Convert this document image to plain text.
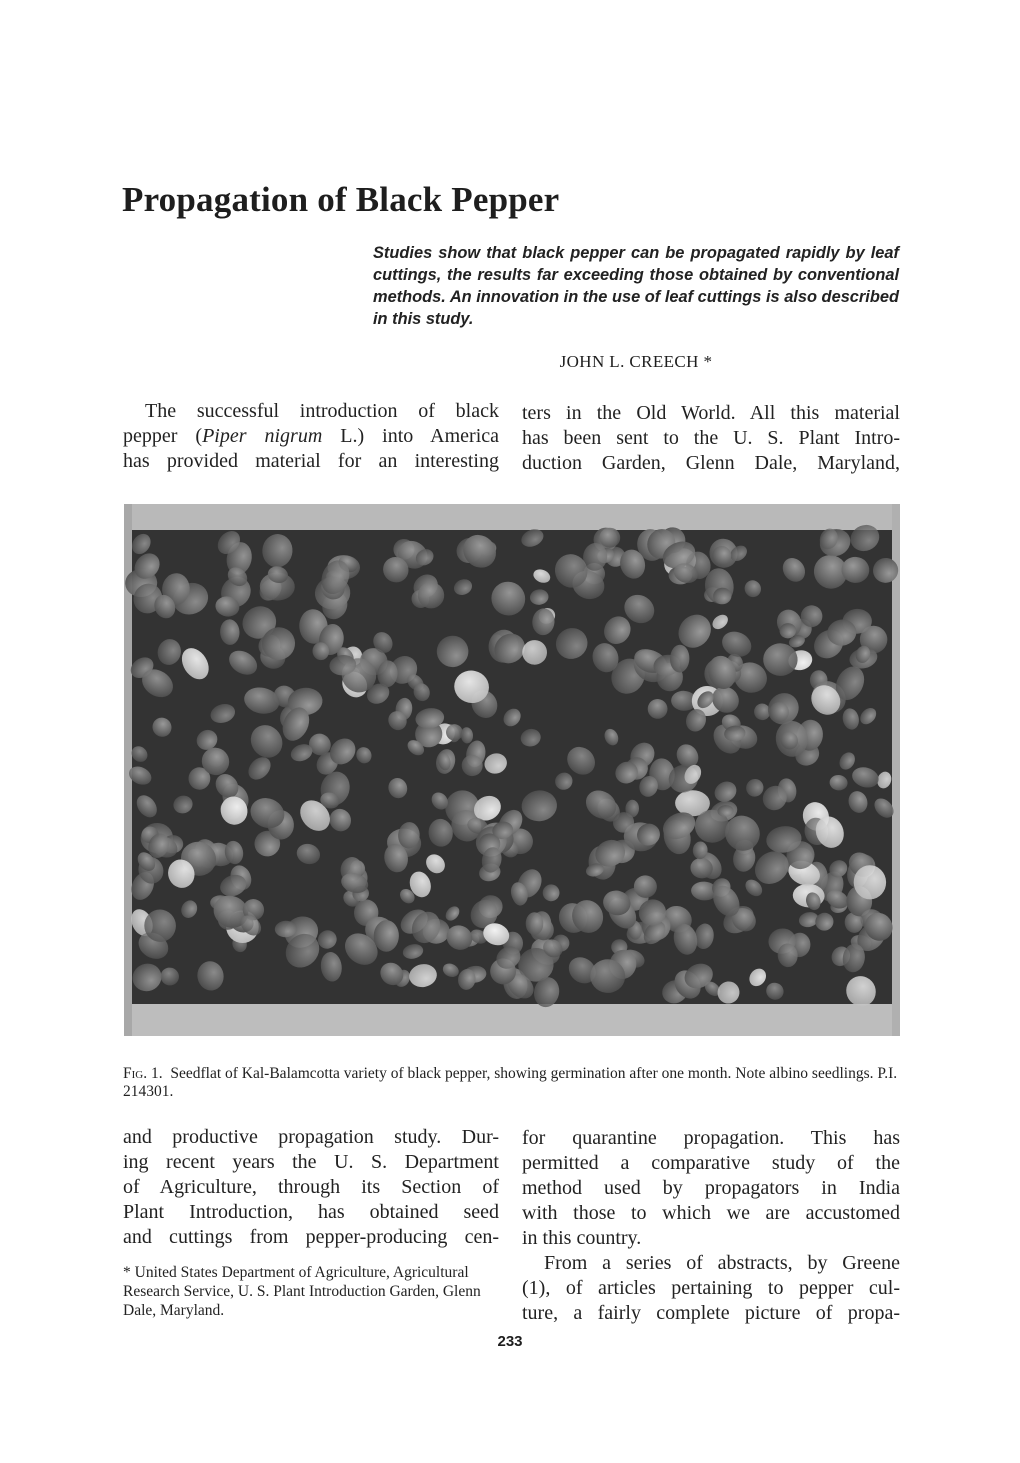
Propagation of Black Pepper
Studies show that black pepper can be propagated rapidly by leaf cuttings, the results far exceeding those obtained by conventional methods. An innovation in the use of leaf cuttings is also described in this study.
JOHN L. CREECH *
The successful introduction of black
pepper (Piper nigrum L.) into America
has provided material for an interesting
ters in the Old World. All this material
has been sent to the U. S. Plant Intro-
duction Garden, Glenn Dale, Maryland,
Fig. 1. Seedflat of Kal-Balamcotta variety of black pepper, showing germination after one month. Note albino seedlings. P.I. 214301.
and productive propagation study. Dur-
ing recent years the U. S. Department
of Agriculture, through its Section of
Plant Introduction, has obtained seed
and cuttings from pepper-producing cen-
* United States Department of Agriculture, Agricultural Research Service, U. S. Plant Introduction Garden, Glenn Dale, Maryland.
for quarantine propagation. This has
permitted a comparative study of the
method used by propagators in India
with those to which we are accustomed
in this country.
From a series of abstracts, by Greene
(1), of articles pertaining to pepper cul-
ture, a fairly complete picture of propa-
233
